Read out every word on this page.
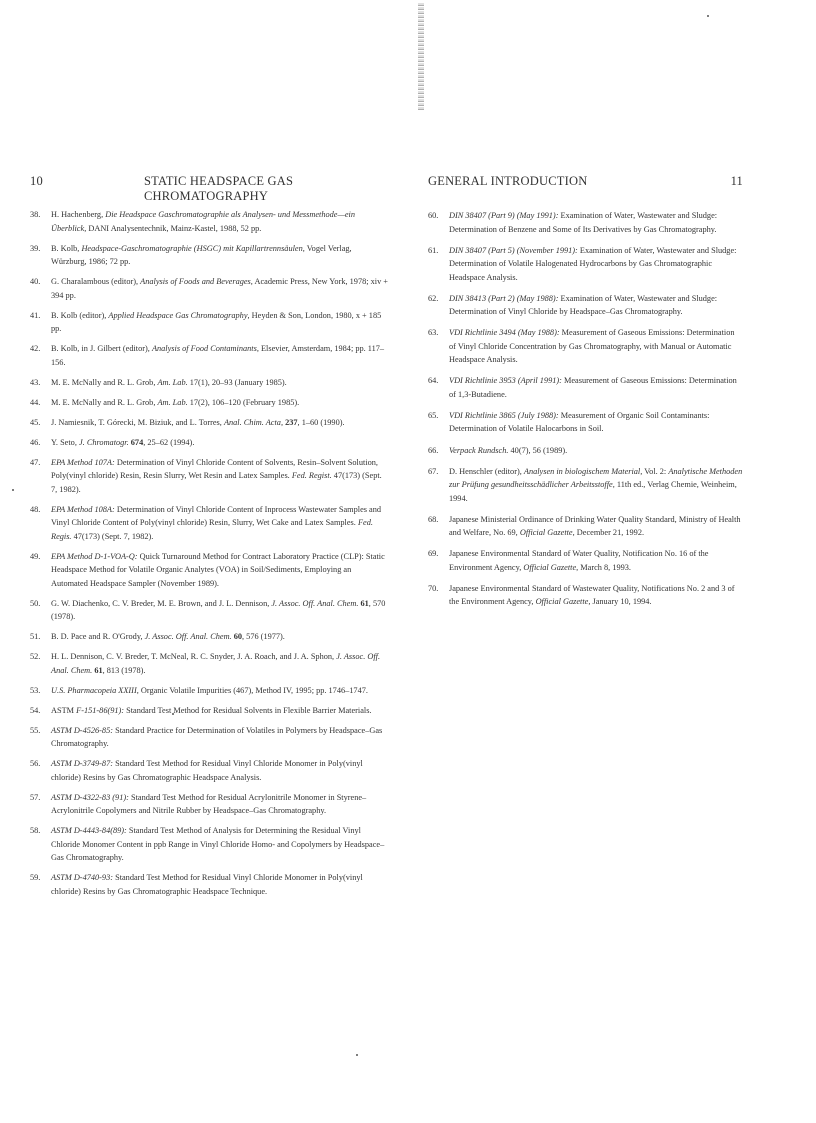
10	STATIC HEADSPACE GAS CHROMATOGRAPHY
38. H. Hachenberg, Die Headspace Gaschromatographie als Analysen- und Messmethode—ein Überblick, DANI Analysentechnik, Mainz-Kastel, 1988, 52 pp.
39. B. Kolb, Headspace-Gaschromatographie (HSGC) mit Kapillartrennsäulen, Vogel Verlag, Würzburg, 1986; 72 pp.
40. G. Charalambous (editor), Analysis of Foods and Beverages, Academic Press, New York, 1978; xiv + 394 pp.
41. B. Kolb (editor), Applied Headspace Gas Chromatography, Heyden & Son, London, 1980, x + 185 pp.
42. B. Kolb, in J. Gilbert (editor), Analysis of Food Contaminants, Elsevier, Amsterdam, 1984; pp. 117–156.
43. M. E. McNally and R. L. Grob, Am. Lab. 17(1), 20–93 (January 1985).
44. M. E. McNally and R. L. Grob, Am. Lab. 17(2), 106–120 (February 1985).
45. J. Namiesnik, T. Górecki, M. Biziuk, and L. Torres, Anal. Chim. Acta, 237, 1–60 (1990).
46. Y. Seto, J. Chromatogr. 674, 25–62 (1994).
47. EPA Method 107A: Determination of Vinyl Chloride Content of Solvents, Resin–Solvent Solution, Poly(vinyl chloride) Resin, Resin Slurry, Wet Resin and Latex Samples. Fed. Regist. 47(173) (Sept. 7, 1982).
48. EPA Method 108A: Determination of Vinyl Chloride Content of Inprocess Wastewater Samples and Vinyl Chloride Content of Poly(vinyl chloride) Resin, Slurry, Wet Cake and Latex Samples. Fed. Regis. 47(173) (Sept. 7, 1982).
49. EPA Method D-1-VOA-Q: Quick Turnaround Method for Contract Laboratory Practice (CLP): Static Headspace Method for Volatile Organic Analytes (VOA) in Soil/Sediments, Employing an Automated Headspace Sampler (November 1989).
50. G. W. Diachenko, C. V. Breder, M. E. Brown, and J. L. Dennison, J. Assoc. Off. Anal. Chem. 61, 570 (1978).
51. B. D. Pace and R. O'Grody, J. Assoc. Off. Anal. Chem. 60, 576 (1977).
52. H. L. Dennison, C. V. Breder, T. McNeal, R. C. Snyder, J. A. Roach, and J. A. Sphon, J. Assoc. Off. Anal. Chem. 61, 813 (1978).
53. U.S. Pharmacopeia XXIII, Organic Volatile Impurities (467), Method IV, 1995; pp. 1746–1747.
54. ASTM F-151-86(91): Standard Test Method for Residual Solvents in Flexible Barrier Materials.
55. ASTM D-4526-85: Standard Practice for Determination of Volatiles in Polymers by Headspace–Gas Chromatography.
56. ASTM D-3749-87: Standard Test Method for Residual Vinyl Chloride Monomer in Poly(vinyl chloride) Resins by Gas Chromatographic Headspace Analysis.
57. ASTM D-4322-83 (91): Standard Test Method for Residual Acrylonitrile Monomer in Styrene–Acrylonitrile Copolymers and Nitrile Rubber by Headspace–Gas Chromatography.
58. ASTM D-4443-84(89): Standard Test Method of Analysis for Determining the Residual Vinyl Chloride Monomer Content in ppb Range in Vinyl Chloride Homo- and Copolymers by Headspace–Gas Chromatography.
59. ASTM D-4740-93: Standard Test Method for Residual Vinyl Chloride Monomer in Poly(vinyl chloride) Resins by Gas Chromatographic Headspace Technique.
GENERAL INTRODUCTION	11
60. DIN 38407 (Part 9) (May 1991): Examination of Water, Wastewater and Sludge: Determination of Benzene and Some of Its Derivatives by Gas Chromatography.
61. DIN 38407 (Part 5) (November 1991): Examination of Water, Wastewater and Sludge: Determination of Volatile Halogenated Hydrocarbons by Gas Chromatographic Headspace Analysis.
62. DIN 38413 (Part 2) (May 1988): Examination of Water, Wastewater and Sludge: Determination of Vinyl Chloride by Headspace–Gas Chromatography.
63. VDI Richtlinie 3494 (May 1988): Measurement of Gaseous Emissions: Determination of Vinyl Chloride Concentration by Gas Chromatography, with Manual or Automatic Headspace Analysis.
64. VDI Richtlinie 3953 (April 1991): Measurement of Gaseous Emissions: Determination of 1,3-Butadiene.
65. VDI Richtlinie 3865 (July 1988): Measurement of Organic Soil Contaminants: Determination of Volatile Halocarbons in Soil.
66. Verpack Rundsch. 40(7), 56 (1989).
67. D. Henschler (editor), Analysen in biologischem Material, Vol. 2: Analytische Methoden zur Prüfung gesundheitsschädlicher Arbeitsstoffe, 11th ed., Verlag Chemie, Weinheim, 1994.
68. Japanese Ministerial Ordinance of Drinking Water Quality Standard, Ministry of Health and Welfare, No. 69, Official Gazette, December 21, 1992.
69. Japanese Environmental Standard of Water Quality, Notification No. 16 of the Environment Agency, Official Gazette, March 8, 1993.
70. Japanese Environmental Standard of Wastewater Quality, Notifications No. 2 and 3 of the Environment Agency, Official Gazette, January 10, 1994.
